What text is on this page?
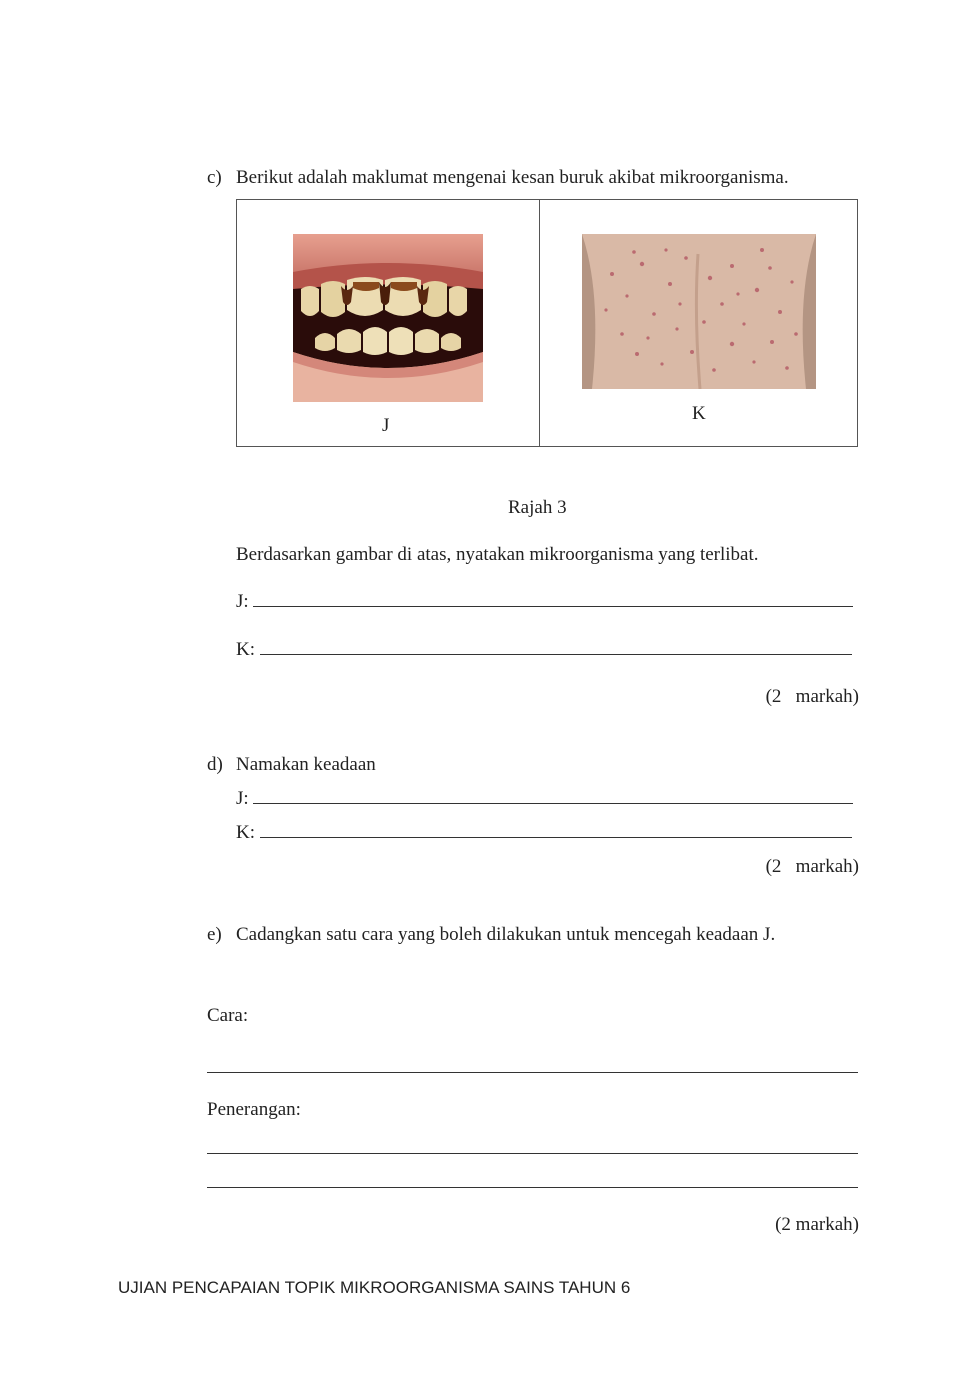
c) Berikut adalah maklumat mengenai kesan buruk akibat mikroorganisma.
J
K
Rajah 3
Berdasarkan gambar di atas, nyatakan mikroorganisma yang terlibat.
J:
K:
(2   markah)
d) Namakan keadaan
J:
K:
(2   markah)
e) Cadangkan satu cara yang boleh dilakukan untuk mencegah keadaan J.
Cara:
Penerangan:
(2 markah)
UJIAN PENCAPAIAN TOPIK MIKROORGANISMA SAINS TAHUN 6
